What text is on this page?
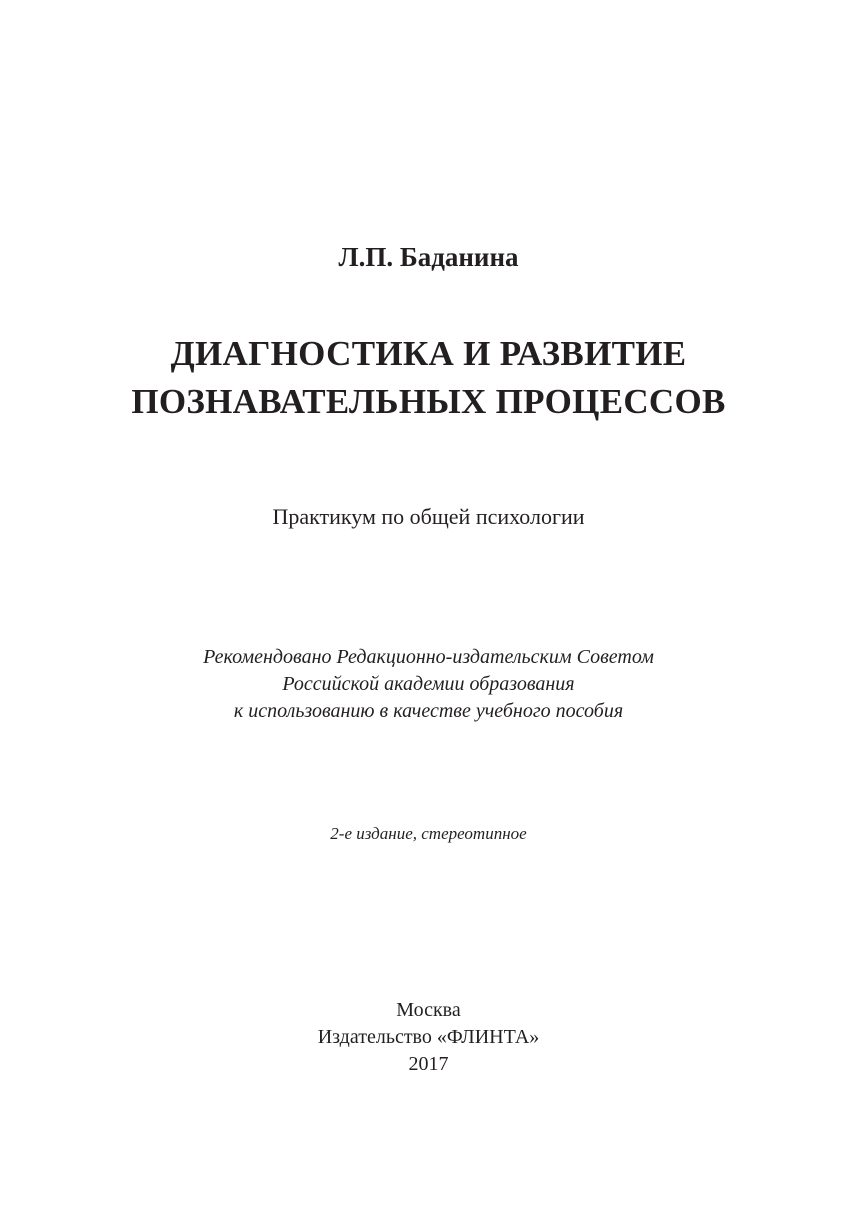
Л.П. Баданина
ДИАГНОСТИКА И РАЗВИТИЕ
ПОЗНАВАТЕЛЬНЫХ ПРОЦЕССОВ
Практикум по общей психологии
Рекомендовано Редакционно-издательским Советом
Российской академии образования
к использованию в качестве учебного пособия
2-е издание, стереотипное
Москва
Издательство «ФЛИНТА»
2017
